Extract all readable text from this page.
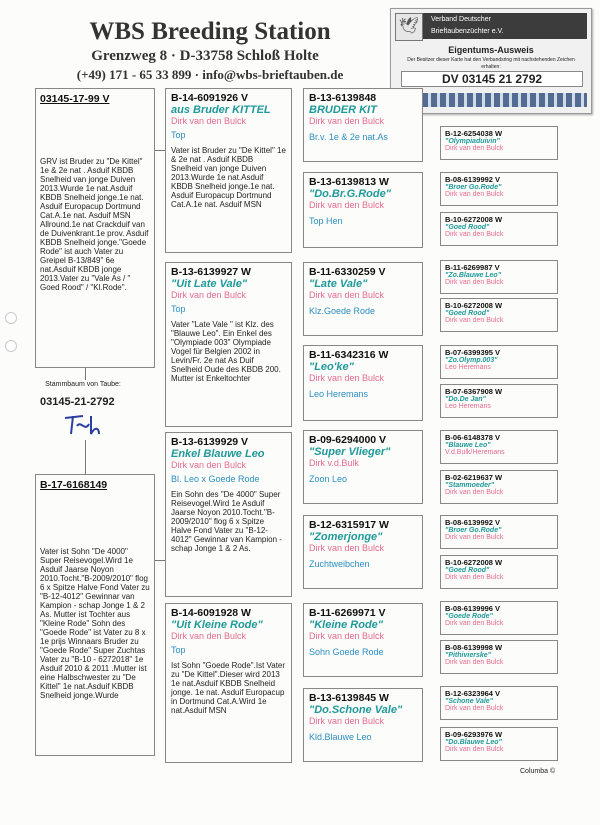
WBS Breeding Station
Grenzweg 8 · D-33758 Schloß Holte
(+49) 171 - 65 33 899 · info@wbs-brieftauben.de
🕊	Verband Deutscher
Brieftaubenzüchter e.V.
Eigentums-Ausweis
Der Besitzer dieser Karte hat den Verbandsring mit nachstehenden Zeichen erhalten:
DV 03145 21 2792
03145-17-99 V
GRV ist Bruder zu "De Kittel" 1e & 2e nat . Asduif KBDB Snelheid van jonge Duiven 2013.Wurde 1e nat.Asduif KBDB Snelheid jonge.1e nat. Asduif Europacup Dortmund Cat.A.1e nat. Asduif MSN Allround.1e nat Crackduif van de Duivenkrant.1e prov. Asduif KBDB Snelheid jonge."Goede Rode" ist auch Vater zu Greipel B-13/849" 6e nat.Asduif KBDB jonge 2013.Vater zu "Vale As / " Goed Rood" / "Kl.Rode".
Stammbaum von Taube:
03145-21-2792
B-17-6168149
Vater ist Sohn "De 4000" Super Reisevogel.Wird 1e Asduif Jaarse Noyon 2010.Tocht."B-2009/2010" flog 6 x Spitze Halve Fond Vater zu "B-12-4012" Gewinnar van Kampion - schap Jonge 1 & 2 As. Mutter ist Tochter aus "Kleine Rode" Sohn des "Goede Rode" ist Vater zu 8 x 1e prijs Winnaars Bruder zu "Goede Rode" Super Zuchtas Vater zu "B-10 - 6272018" 1e Asduif 2010 & 2011 .Mutter ist eine Halbschwester zu "De Kittel" 1e nat.Asduif KBDB Snelheid jonge.Wurde
B-14-6091926 V
aus Bruder KITTEL
Dirk van den Bulck
Top
Vater ist Bruder zu "De Kittel" 1e & 2e nat . Asduif KBDB Snelheid van jonge Duiven 2013.Wurde 1e nat.Asduif KBDB Snelheid jonge.1e nat. Asduif Europacup Dortmund Cat.A.1e nat. Asduif MSN
B-13-6139927 W
"Uit Late Vale"
Dirk van den Bulck
Top
Vater "Late Vale " ist Klz. des "Blauwe Leo". Ein Enkel des "Olympiade 003" Olympiade Vogel für Belgien 2002 in Levin/Fr. 2e nat As Duif Snelheid Oude des KBDB 200. Mutter ist Enkeltochter
B-13-6139929 V
Enkel Blauwe Leo
Dirk van den Bulck
Bl. Leo x Goede Rode
Ein Sohn des "De 4000" Super Reisevogel.Wird 1e Asduif Jaarse Noyon 2010.Tocht."B-2009/2010" flog 6 x Spitze Halve Fond Vater zu "B-12-4012" Gewinnar van Kampion - schap Jonge 1 & 2 As.
B-14-6091928 W
"Uit Kleine Rode"
Dirk van den Bulck
Top
Ist Sohn "Goede Rode".Ist Vater zu "De Kittel".Dieser wird 2013 1e nat.Asduif KBDB Snelheid jonge. 1e nat. Asduif Europacup in Dortmund Cat.A.Wird 1e nat.Asduif MSN
B-13-6139848
BRUDER KIT
Dirk van den Bulck
Br.v. 1e & 2e nat.As
B-13-6139813 W
"Do.Br.G.Rode"
Dirk van den Bulck
Top Hen
B-11-6330259 V
"Late Vale"
Dirk van den Bulck
Klz.Goede Rode
B-11-6342316 W
"Leo'ke"
Dirk van den Bulck
Leo Heremans
B-09-6294000 V
"Super Vlieger"
Dirk v.d.Bulk
Zoon Leo
B-12-6315917 W
"Zomerjonge"
Dirk van den Bulck
Zuchtweibchen
B-11-6269971 V
"Kleine Rode"
Dirk van den Bulck
Sohn Goede Rode
B-13-6139845 W
"Do.Schone Vale"
Dirk van den Bulck
Kld.Blauwe Leo
B-12-6254038 W
"Olympiaduivin"
Dirk van den Bulck
B-08-6139992 V
"Broer Go.Rode"
Dirk van den Bulck
B-10-6272008 W
"Goed Rood"
Dirk van den Bulck
B-11-6269987 V
"Zo.Blauwe Leo"
Dirk van den Bulck
B-10-6272008 W
"Goed Rood"
Dirk van den Bulck
B-07-6399395 V
"Zo.Olymp.003"
Leo Heremans
B-07-6367908 W
"Do.De Jan"
Leo Heremans
B-06-6148378 V
"Blauwe Leo"
V.d.Bulk/Heremans
B-02-6219637 W
"Stammoeder"
Dirk van den Bulck
B-08-6139992 V
"Broer Go.Rode"
Dirk van den Bulck
B-10-6272008 W
"Goed Rood"
Dirk van den Bulck
B-08-6139996 V
"Goede Rode"
Dirk van den Bulck
B-08-6139998 W
"Pithivierske"
Dirk van den Bulck
B-12-6323964 V
"Schone Vale"
Dirk van den Bulck
B-09-6293976 W
"Do.Blauwe Leo"
Dirk van den Bulck
Columba ©
